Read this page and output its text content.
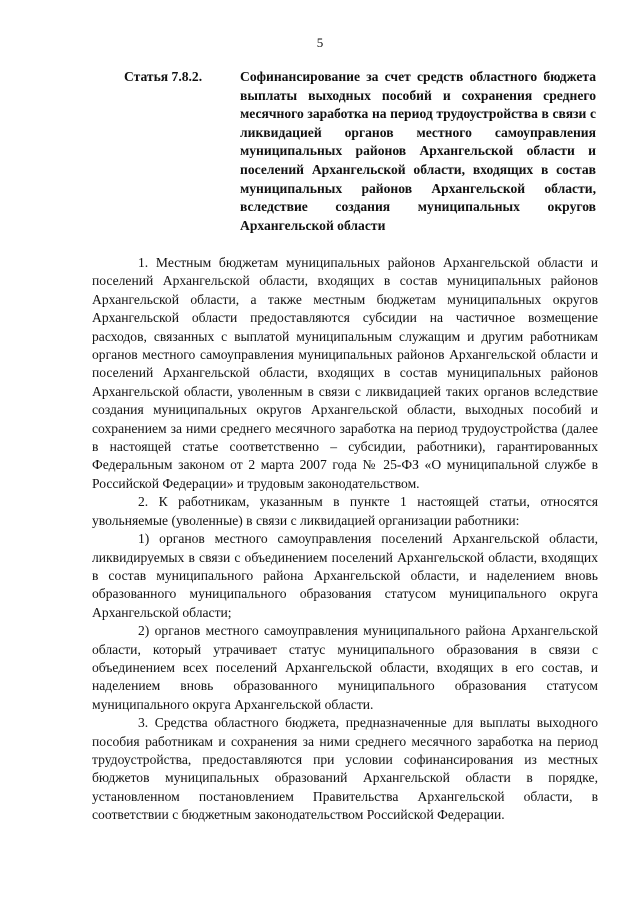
5
Статья 7.8.2.	Софинансирование за счет средств областного бюджета выплаты выходных пособий и сохранения среднего месячного заработка на период трудоустройства в связи с ликвидацией органов местного самоуправления муниципальных районов Архангельской области и поселений Архангельской области, входящих в состав муниципальных районов Архангельской области, вследствие создания муниципальных округов Архангельской области

1. Местным бюджетам муниципальных районов Архангельской области и поселений Архангельской области, входящих в состав муниципальных районов Архангельской области, а также местным бюджетам муниципальных округов Архангельской области предоставляются субсидии на частичное возмещение расходов, связанных с выплатой муниципальным служащим и другим работникам органов местного самоуправления муниципальных районов Архангельской области и поселений Архангельской области, входящих в состав муниципальных районов Архангельской области, уволенным в связи с ликвидацией таких органов вследствие создания муниципальных округов Архангельской области, выходных пособий и сохранением за ними среднего месячного заработка на период трудоустройства (далее в настоящей статье соответственно – субсидии, работники), гарантированных Федеральным законом от 2 марта 2007 года № 25-ФЗ «О муниципальной службе в Российской Федерации» и трудовым законодательством.

2. К работникам, указанным в пункте 1 настоящей статьи, относятся увольняемые (уволенные) в связи с ликвидацией организации работники:

1) органов местного самоуправления поселений Архангельской области, ликвидируемых в связи с объединением поселений Архангельской области, входящих в состав муниципального района Архангельской области, и наделением вновь образованного муниципального образования статусом муниципального округа Архангельской области;

2) органов местного самоуправления муниципального района Архангельской области, который утрачивает статус муниципального образования в связи с объединением всех поселений Архангельской области, входящих в его состав, и наделением вновь образованного муниципального образования статусом муниципального округа Архангельской области.

3. Средства областного бюджета, предназначенные для выплаты выходного пособия работникам и сохранения за ними среднего месячного заработка на период трудоустройства, предоставляются при условии софинансирования из местных бюджетов муниципальных образований Архангельской области в порядке, установленном постановлением Правительства Архангельской области, в соответствии с бюджетным законодательством Российской Федерации.
